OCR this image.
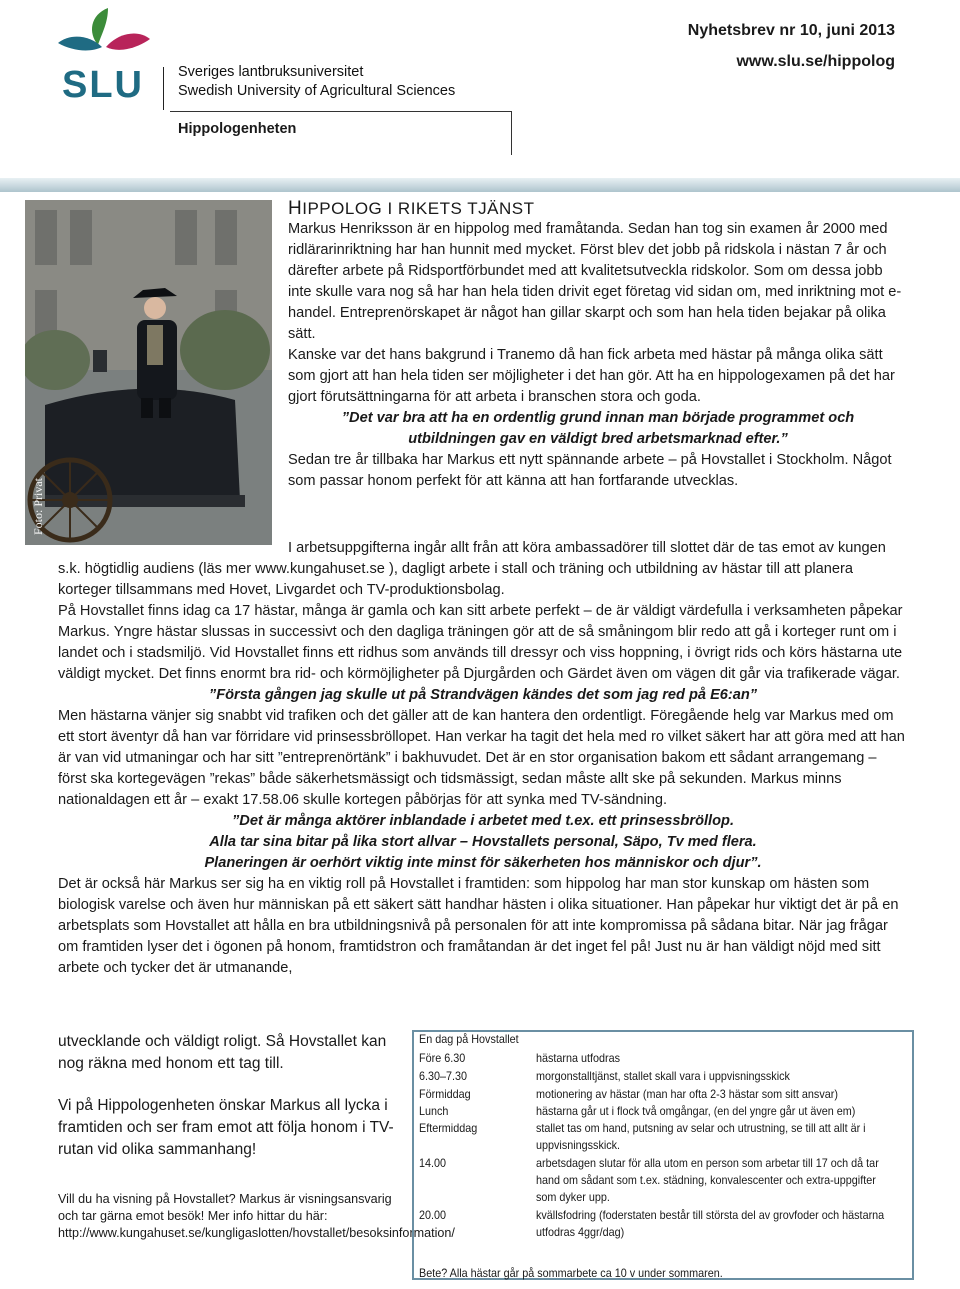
SLU Sveriges lantbruksuniversitet
Swedish University of Agricultural Sciences
Hippologenheten
Nyhetsbrev nr 10, juni 2013
www.slu.se/hippolog
Foto: Privat
HIPPOLOG I RIKETS TJÄNST

Markus Henriksson är en hippolog med framåtanda. Sedan han tog sin examen år 2000 med ridlärarinriktning har han hunnit med mycket. Först blev det jobb på ridskola i nästan 7 år och därefter arbete på Ridsportförbundet med att kvalitetsutveckla ridskolor. Som om dessa jobb inte skulle vara nog så har han hela tiden drivit eget företag vid sidan om, med inriktning mot e-handel. Entreprenörskapet är något han gillar skarpt och som han hela tiden bejakar på olika sätt.

Kanske var det hans bakgrund i Tranemo då han fick arbeta med hästar på många olika sätt som gjort att han hela tiden ser möjligheter i det han gör. Att ha en hippologexamen på det har gjort förutsättningarna för att arbeta i branschen stora och goda.

”Det var bra att ha en ordentlig grund innan man började programmet och utbildningen gav en väldigt bred arbetsmarknad efter.”

Sedan tre år tillbaka har Markus ett nytt spännande arbete – på Hovstallet i Stockholm. Något som passar honom perfekt för att känna att han fortfarande utvecklas.

I arbetsuppgifterna ingår allt från att köra ambassadörer till slottet där de tas emot av kungen s.k. högtidlig audiens (läs mer www.kungahuset.se ), dagligt arbete i stall och träning och utbildning av hästar till att planera korteger tillsammans med Hovet, Livgardet och TV-produktionsbolag.

På Hovstallet finns idag ca 17 hästar, många är gamla och kan sitt arbete perfekt – de är väldigt värdefulla i verksamheten påpekar Markus. Yngre hästar slussas in successivt och den dagliga träningen gör att de så småningom blir redo att gå i korteger runt om i landet och i stadsmiljö. Vid Hovstallet finns ett ridhus som används till dressyr och viss hoppning, i övrigt rids och körs hästarna ute väldigt mycket. Det finns enormt bra rid- och körmöjligheter på Djurgården och Gärdet även om vägen dit går via trafikerade vägar.

”Första gången jag skulle ut på Strandvägen kändes det som jag red på E6:an”

Men hästarna vänjer sig snabbt vid trafiken och det gäller att de kan hantera den ordentligt. Föregående helg var Markus med om ett stort äventyr då han var förridare vid prinsessbröllopet. Han verkar ha tagit det hela med ro vilket säkert har att göra med att han är van vid utmaningar och har sitt ”entreprenörtänk” i bakhuvudet. Det är en stor organisation bakom ett sådant arrangemang – först ska kortegevägen ”rekas” både säkerhetsmässigt och tidsmässigt, sedan måste allt ske på sekunden. Markus minns nationaldagen ett år – exakt 17.58.06 skulle kortegen påbörjas för att synka med TV-sändning.

”Det är många aktörer inblandade i arbetet med t.ex. ett prinsessbröllop.

Alla tar sina bitar på lika stort allvar – Hovstallets personal, Säpo, Tv med flera.

Planeringen är oerhört viktig inte minst för säkerheten hos människor och djur”.

Det är också här Markus ser sig ha en viktig roll på Hovstallet i framtiden: som hippolog har man stor kunskap om hästen som biologisk varelse och även hur människan på ett säkert sätt handhar hästen i olika situationer. Han påpekar hur viktigt det är på en arbetsplats som Hovstallet att hålla en bra utbildningsnivå på personalen för att inte kompromissa på sådana bitar. När jag frågar om framtiden lyser det i ögonen på honom, framtidstron och framåtandan är det inget fel på! Just nu är han väldigt nöjd med sitt arbete och tycker det är utmanande,

utvecklande och väldigt roligt. Så Hovstallet kan nog räkna med honom ett tag till.

Vi på Hippologenheten önskar Markus all lycka i framtiden och ser fram emot att följa honom i TV-rutan vid olika sammanhang!

Vill du ha visning på Hovstallet? Markus är visningsansvarig och tar gärna emot besök! Mer info hittar du här: http://www.kungahuset.se/kungligaslotten/hovstallet/besoksinformation/

En dag på Hovstallet
Före 6.30	hästarna utfodras
6.30–7.30	morgonstalltjänst, stallet skall vara i uppvisningsskick
Förmiddag	motionering av hästar (man har ofta 2-3 hästar som sitt ansvar)
Lunch	hästarna går ut i flock två omgångar, (en del yngre går ut även em)
Eftermiddag	stallet tas om hand, putsning av selar och utrustning, se till att allt är i uppvisningsskick.
14.00	arbetsdagen slutar för alla utom en person som arbetar till 17 och då tar hand om sådant som t.ex. städning, konvalescenter och extra-uppgifter som dyker upp.
20.00	kvällsfodring (foderstaten består till största del av grovfoder och hästarna utfodras 4ggr/dag)
Bete? Alla hästar går på sommarbete ca 10 v under sommaren.
